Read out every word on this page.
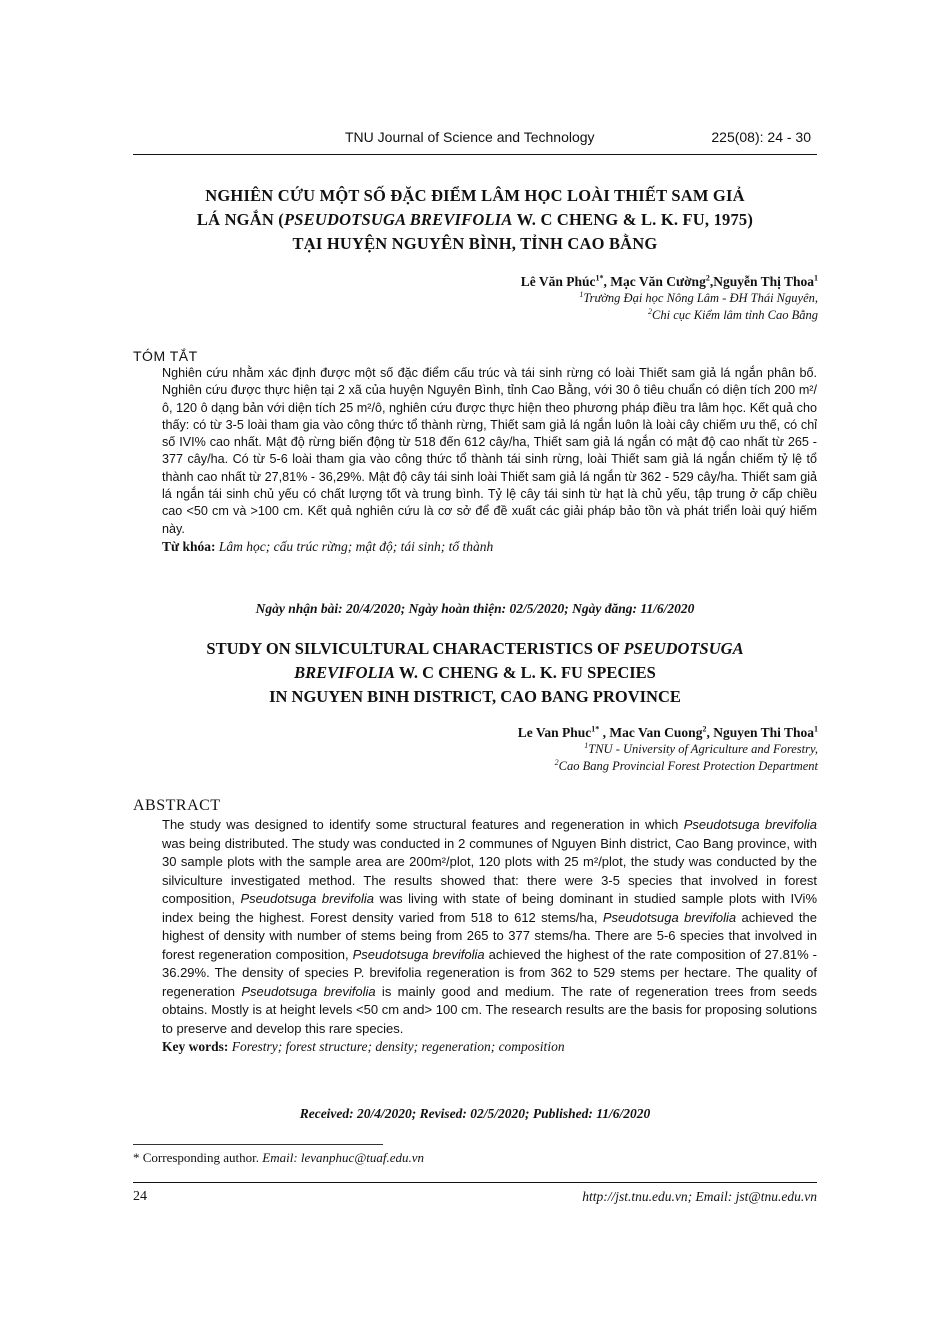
TNU Journal of Science and Technology	225(08): 24 - 30
NGHIÊN CỨU MỘT SỐ ĐẶC ĐIỂM LÂM HỌC LOÀI THIẾT SAM GIẢ
LÁ NGẮN (PSEUDOTSUGA BREVIFOLIA W. C CHENG & L. K. FU, 1975)
TẠI HUYỆN NGUYÊN BÌNH, TỈNH CAO BẰNG
Lê Văn Phúc$^{1*}$, Mạc Văn Cường$^2$,Nguyễn Thị Thoa$^1$
$^1$Trường Đại học Nông Lâm - ĐH Thái Nguyên,
$^2$Chi cục Kiểm lâm tỉnh Cao Bằng
TÓM TẮT
Nghiên cứu nhằm xác định được một số đặc điểm cấu trúc và tái sinh rừng có loài Thiết sam giả lá ngắn phân bố. Nghiên cứu được thực hiện tại 2 xã của huyện Nguyên Bình, tỉnh Cao Bằng, với 30 ô tiêu chuẩn có diện tích 200 m²/ô, 120 ô dạng bản với diện tích 25 m²/ô, nghiên cứu được thực hiện theo phương pháp điều tra lâm học. Kết quả cho thấy: có từ 3-5 loài tham gia vào công thức tổ thành rừng, Thiết sam giả lá ngắn luôn là loài cây chiếm ưu thế, có chỉ số IVI% cao nhất. Mật độ rừng biến động từ 518 đến 612 cây/ha, Thiết sam giả lá ngắn có mật độ cao nhất từ 265 - 377 cây/ha. Có từ 5-6 loài tham gia vào công thức tổ thành tái sinh rừng, loài Thiết sam giả lá ngắn chiếm tỷ lệ tổ thành cao nhất từ 27,81% - 36,29%. Mật độ cây tái sinh loài Thiết sam giả lá ngắn từ 362 - 529 cây/ha. Thiết sam giả lá ngắn tái sinh chủ yếu có chất lượng tốt và trung bình. Tỷ lệ cây tái sinh từ hạt là chủ yếu, tập trung ở cấp chiều cao <50 cm và >100 cm. Kết quả nghiên cứu là cơ sở để đề xuất các giải pháp bảo tồn và phát triển loài quý hiếm này.
Từ khóa: Lâm học; cấu trúc rừng; mật độ; tái sinh; tổ thành
Ngày nhận bài: 20/4/2020; Ngày hoàn thiện: 02/5/2020; Ngày đăng: 11/6/2020
STUDY ON SILVICULTURAL CHARACTERISTICS OF PSEUDOTSUGA
BREVIFOLIA W. C CHENG & L. K. FU SPECIES
IN NGUYEN BINH DISTRICT, CAO BANG PROVINCE
Le Van Phuc$^{1*}$ , Mac Van Cuong$^2$, Nguyen Thi Thoa$^1$
$^1$TNU - University of Agriculture and Forestry,
$^2$Cao Bang Provincial Forest Protection Department
ABSTRACT
The study was designed to identify some structural features and regeneration in which Pseudotsuga brevifolia was being distributed. The study was conducted in 2 communes of Nguyen Binh district, Cao Bang province, with 30 sample plots with the sample area are 200m²/plot, 120 plots with 25 m²/plot, the study was conducted by the silviculture investigated method. The results showed that: there were 3-5 species that involved in forest composition, Pseudotsuga brevifolia was living with state of being dominant in studied sample plots with IVi% index being the highest. Forest density varied from 518 to 612 stems/ha, Pseudotsuga brevifolia achieved the highest of density with number of stems being from 265 to 377 stems/ha. There are 5-6 species that involved in forest regeneration composition, Pseudotsuga brevifolia achieved the highest of the rate composition of 27.81% - 36.29%. The density of species P. brevifolia regeneration is from 362 to 529 stems per hectare. The quality of regeneration Pseudotsuga brevifolia is mainly good and medium. The rate of regeneration trees from seeds obtains. Mostly is at height levels <50 cm and> 100 cm. The research results are the basis for proposing solutions to preserve and develop this rare species.
Key words: Forestry; forest structure; density; regeneration; composition
Received: 20/4/2020; Revised: 02/5/2020; Published: 11/6/2020
* Corresponding author. Email: levanphuc@tuaf.edu.vn
24	http://jst.tnu.edu.vn; Email: jst@tnu.edu.vn
